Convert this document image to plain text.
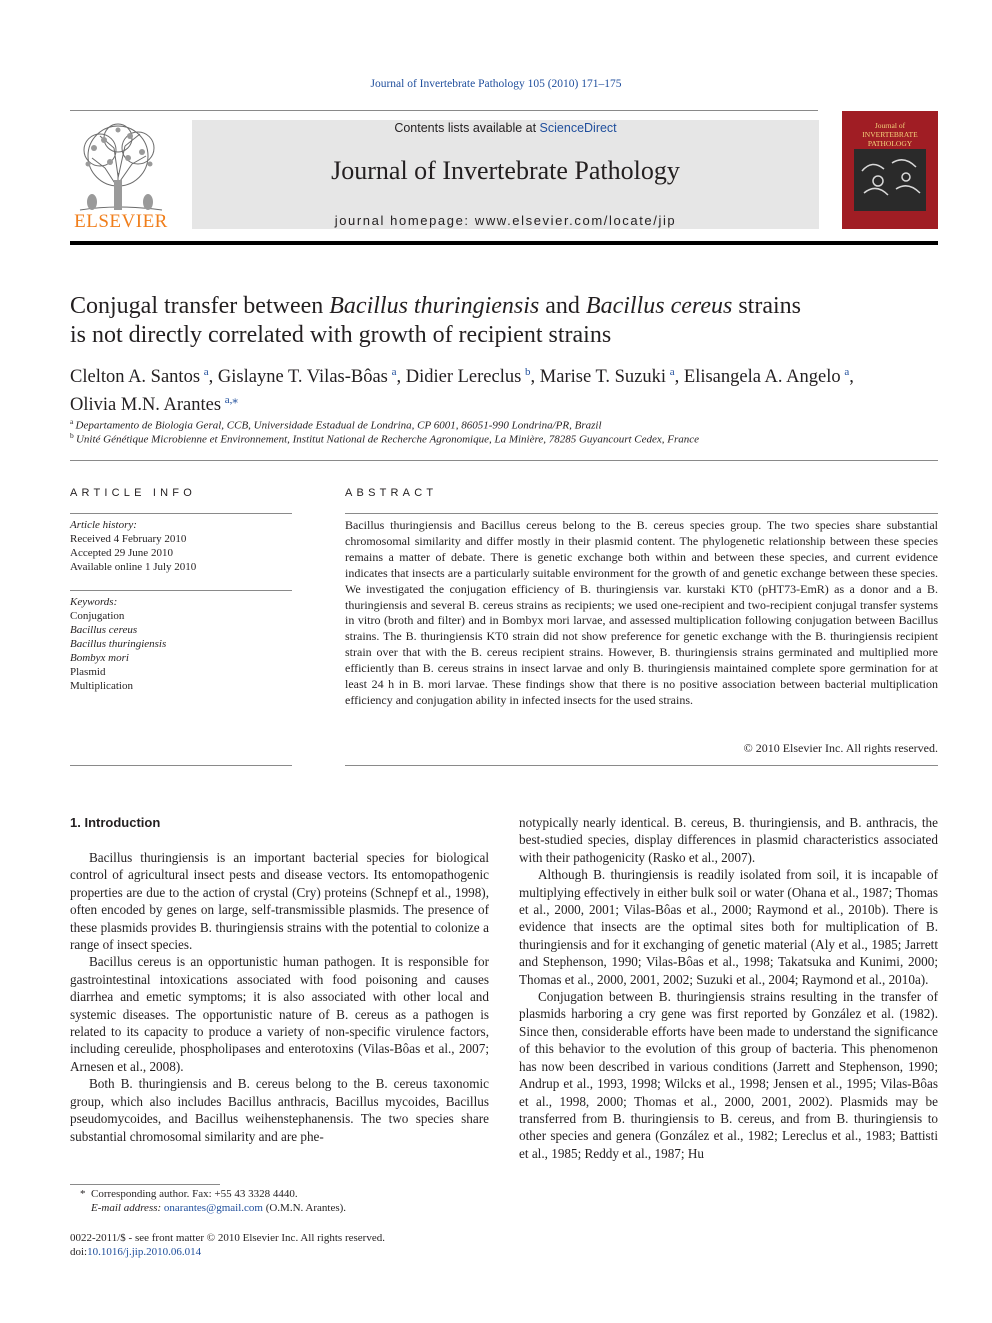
Journal of Invertebrate Pathology 105 (2010) 171–175
ELSEVIER
Contents lists available at ScienceDirect
Journal of Invertebrate Pathology
journal homepage: www.elsevier.com/locate/jip
Journal of INVERTEBRATE PATHOLOGY
Conjugal transfer between Bacillus thuringiensis and Bacillus cereus strains
is not directly correlated with growth of recipient strains
Clelton A. Santos  $^a$, Gislayne T. Vilas-Bôas  $^a$, Didier Lereclus  $^b$, Marise T. Suzuki  $^a$, Elisangela A. Angelo  $^a$,
Olivia M.N. Arantes  $^{a,⁎}$
$^a$  Departamento de Biologia Geral, CCB, Universidade Estadual de Londrina, CP 6001, 86051-990 Londrina/PR, Brazil
$^b$  Unité Génétique Microbienne et Environnement, Institut National de Recherche Agronomique, La Minière, 78285 Guyancourt Cedex, France
ARTICLE INFO
Article history:
Received 4 February 2010
Accepted 29 June 2010
Available online 1 July 2010
Keywords:
Conjugation
Bacillus cereus
Bacillus thuringiensis
Bombyx mori
Plasmid
Multiplication
ABSTRACT
Bacillus thuringiensis and Bacillus cereus belong to the B. cereus species group. The two species share substantial chromosomal similarity and differ mostly in their plasmid content. The phylogenetic relationship between these species remains a matter of debate. There is genetic exchange both within and between these species, and current evidence indicates that insects are a particularly suitable environment for the growth of and genetic exchange between these species. We investigated the conjugation efficiency of B. thuringiensis var. kurstaki KT0 (pHT73-EmR) as a donor and a B. thuringiensis and several B. cereus strains as recipients; we used one-recipient and two-recipient conjugal transfer systems in vitro (broth and filter) and in Bombyx mori larvae, and assessed multiplication following conjugation between Bacillus strains. The B. thuringiensis KT0 strain did not show preference for genetic exchange with the B. thuringiensis recipient strain over that with the B. cereus recipient strains. However, B. thuringiensis strains germinated and multiplied more efficiently than B. cereus strains in insect larvae and only B. thuringiensis maintained complete spore germination for at least 24 h in B. mori larvae. These findings show that there is no positive association between bacterial multiplication efficiency and conjugation ability in infected insects for the used strains.
© 2010 Elsevier Inc. All rights reserved.
1. Introduction

Bacillus thuringiensis is an important bacterial species for biological control of agricultural insect pests and disease vectors. Its entomopathogenic properties are due to the action of crystal (Cry) proteins (Schnepf et al., 1998), often encoded by genes on large, self-transmissible plasmids. The presence of these plasmids provides B. thuringiensis strains with the potential to colonize a range of insect species.

Bacillus cereus is an opportunistic human pathogen. It is responsible for gastrointestinal intoxications associated with food poisoning and causes diarrhea and emetic symptoms; it is also associated with other local and systemic diseases. The opportunistic nature of B. cereus as a pathogen is related to its capacity to produce a variety of non-specific virulence factors, including cereulide, phospholipases and enterotoxins (Vilas-Bôas et al., 2007; Arnesen et al., 2008).

Both B. thuringiensis and B. cereus belong to the B. cereus taxonomic group, which also includes Bacillus anthracis, Bacillus mycoides, Bacillus pseudomycoides, and Bacillus weihenstephanensis. The two species share substantial chromosomal similarity and are phe-

notypically nearly identical. B. cereus, B. thuringiensis, and B. anthracis, the best-studied species, display differences in plasmid characteristics associated with their pathogenicity (Rasko et al., 2007).

Although B. thuringiensis is readily isolated from soil, it is incapable of multiplying effectively in either bulk soil or water (Ohana et al., 1987; Thomas et al., 2000, 2001; Vilas-Bôas et al., 2000; Raymond et al., 2010b). There is evidence that insects are the optimal sites both for multiplication of B. thuringiensis and for it exchanging of genetic material (Aly et al., 1985; Jarrett and Stephenson, 1990; Vilas-Bôas et al., 1998; Takatsuka and Kunimi, 2000; Thomas et al., 2000, 2001, 2002; Suzuki et al., 2004; Raymond et al., 2010a).

Conjugation between B. thuringiensis strains resulting in the transfer of plasmids harboring a cry gene was first reported by González et al. (1982). Since then, considerable efforts have been made to understand the significance of this behavior to the evolution of this group of bacteria. This phenomenon has now been described in various conditions (Jarrett and Stephenson, 1990; Andrup et al., 1993, 1998; Wilcks et al., 1998; Jensen et al., 1995; Vilas-Bôas et al., 1998, 2000; Thomas et al., 2000, 2001, 2002). Plasmids may be transferred from B. thuringiensis to B. cereus, and from B. thuringiensis to other species and genera (González et al., 1982; Lereclus et al., 1983; Battisti et al., 1985; Reddy et al., 1987; Hu

*  Corresponding author. Fax: +55 43 3328 4440.
E-mail address: onarantes@gmail.com (O.M.N. Arantes).
0022-2011/$ - see front matter © 2010 Elsevier Inc. All rights reserved.
doi:10.1016/j.jip.2010.06.014
